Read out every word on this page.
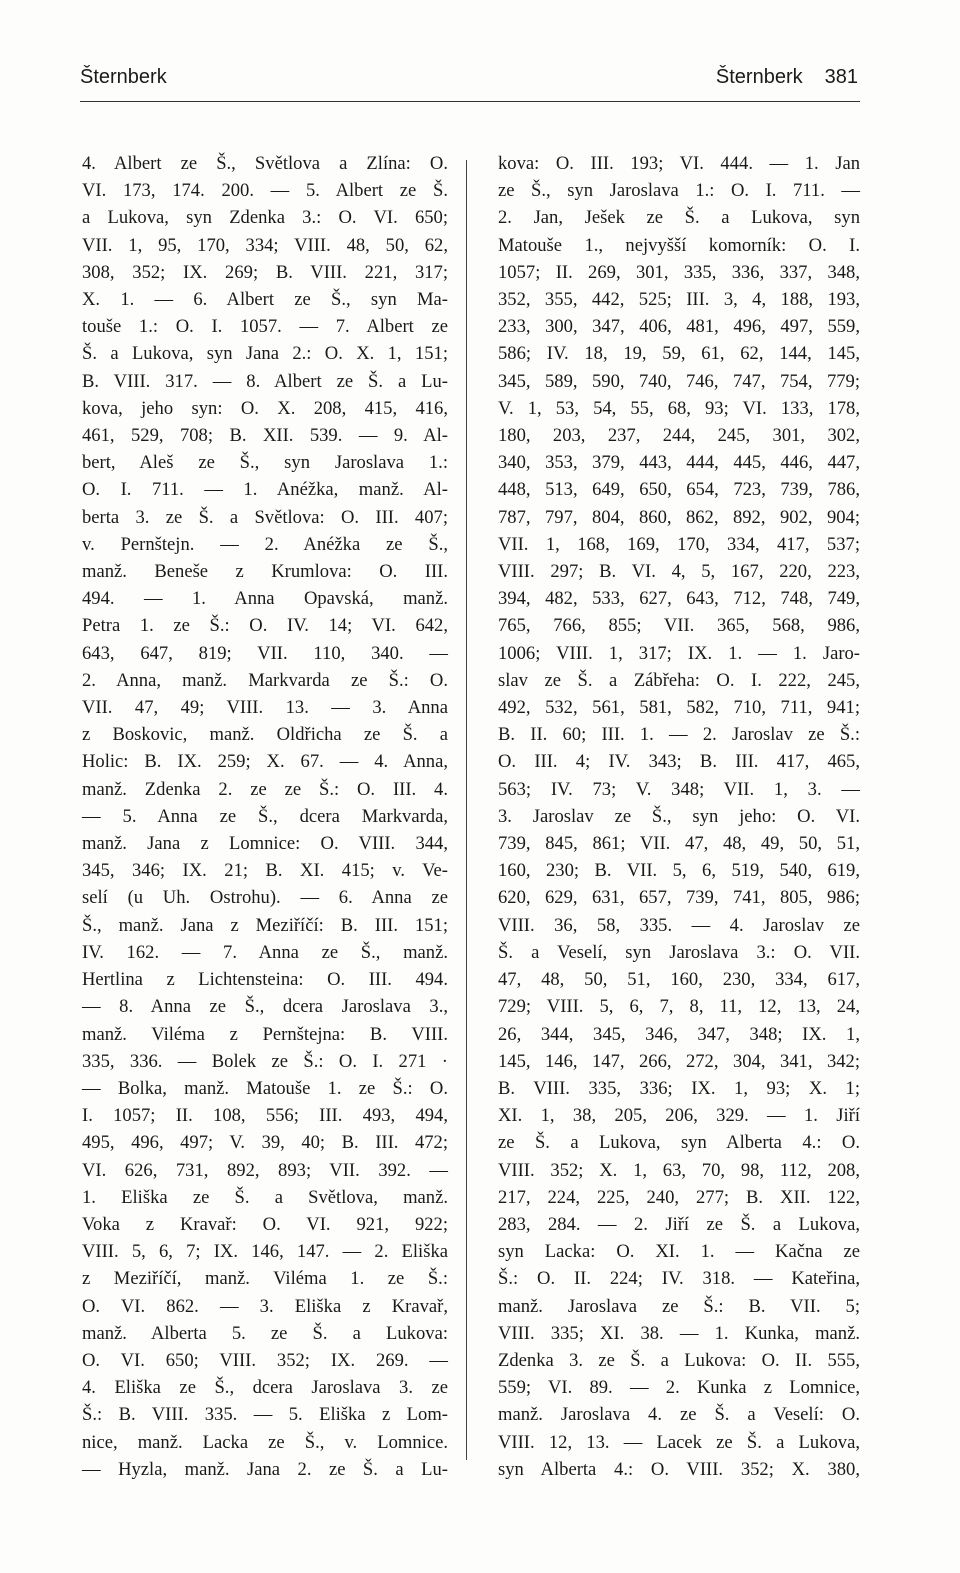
Šternberk	Šternberk 381
4. Albert ze Š., Světlova a Zlína: O.
VI. 173, 174. 200. — 5. Albert ze Š.
a Lukova, syn Zdenka 3.: O. VI. 650;
VII. 1, 95, 170, 334; VIII. 48, 50, 62,
308, 352; IX. 269; B. VIII. 221, 317;
X. 1. — 6. Albert ze Š., syn Ma-
touše 1.: O. I. 1057. — 7. Albert ze
Š. a Lukova, syn Jana 2.: O. X. 1, 151;
B. VIII. 317. — 8. Albert ze Š. a Lu-
kova, jeho syn: O. X. 208, 415, 416,
461, 529, 708; B. XII. 539. — 9. Al-
bert, Aleš ze Š., syn Jaroslava 1.:
O. I. 711. — 1. Anéžka, manž. Al-
berta 3. ze Š. a Světlova: O. III. 407;
v. Pernštejn. — 2. Anéžka ze Š.,
manž. Beneše z Krumlova: O. III.
494. — 1. Anna Opavská, manž.
Petra 1. ze Š.: O. IV. 14; VI. 642,
643, 647, 819; VII. 110, 340. —
2. Anna, manž. Markvarda ze Š.: O.
VII. 47, 49; VIII. 13. — 3. Anna
z Boskovic, manž. Oldřicha ze Š. a
Holic: B. IX. 259; X. 67. — 4. Anna,
manž. Zdenka 2. ze ze Š.: O. III. 4.
— 5. Anna ze Š., dcera Markvarda,
manž. Jana z Lomnice: O. VIII. 344,
345, 346; IX. 21; B. XI. 415; v. Ve-
selí (u Uh. Ostrohu). — 6. Anna ze
Š., manž. Jana z Meziříčí: B. III. 151;
IV. 162. — 7. Anna ze Š., manž.
Hertlina z Lichtensteina: O. III. 494.
— 8. Anna ze Š., dcera Jaroslava 3.,
manž. Viléma z Pernštejna: B. VIII.
335, 336. — Bolek ze Š.: O. I. 271 ·
— Bolka, manž. Matouše 1. ze Š.: O.
I. 1057; II. 108, 556; III. 493, 494,
495, 496, 497; V. 39, 40; B. III. 472;
VI. 626, 731, 892, 893; VII. 392. —
1. Eliška ze Š. a Světlova, manž.
Voka z Kravař: O. VI. 921, 922;
VIII. 5, 6, 7; IX. 146, 147. — 2. Eliška
z Meziříčí, manž. Viléma 1. ze Š.:
O. VI. 862. — 3. Eliška z Kravař,
manž. Alberta 5. ze Š. a Lukova:
O. VI. 650; VIII. 352; IX. 269. —
4. Eliška ze Š., dcera Jaroslava 3. ze
Š.: B. VIII. 335. — 5. Eliška z Lom-
nice, manž. Lacka ze Š., v. Lomnice.
— Hyzla, manž. Jana 2. ze Š. a Lu-
kova: O. III. 193; VI. 444. — 1. Jan
ze Š., syn Jaroslava 1.: O. I. 711. —
2. Jan, Ješek ze Š. a Lukova, syn
Matouše 1., nejvyšší komorník: O. I.
1057; II. 269, 301, 335, 336, 337, 348,
352, 355, 442, 525; III. 3, 4, 188, 193,
233, 300, 347, 406, 481, 496, 497, 559,
586; IV. 18, 19, 59, 61, 62, 144, 145,
345, 589, 590, 740, 746, 747, 754, 779;
V. 1, 53, 54, 55, 68, 93; VI. 133, 178,
180, 203, 237, 244, 245, 301, 302,
340, 353, 379, 443, 444, 445, 446, 447,
448, 513, 649, 650, 654, 723, 739, 786,
787, 797, 804, 860, 862, 892, 902, 904;
VII. 1, 168, 169, 170, 334, 417, 537;
VIII. 297; B. VI. 4, 5, 167, 220, 223,
394, 482, 533, 627, 643, 712, 748, 749,
765, 766, 855; VII. 365, 568, 986,
1006; VIII. 1, 317; IX. 1. — 1. Jaro-
slav ze Š. a Zábřeha: O. I. 222, 245,
492, 532, 561, 581, 582, 710, 711, 941;
B. II. 60; III. 1. — 2. Jaroslav ze Š.:
O. III. 4; IV. 343; B. III. 417, 465,
563; IV. 73; V. 348; VII. 1, 3. —
3. Jaroslav ze Š., syn jeho: O. VI.
739, 845, 861; VII. 47, 48, 49, 50, 51,
160, 230; B. VII. 5, 6, 519, 540, 619,
620, 629, 631, 657, 739, 741, 805, 986;
VIII. 36, 58, 335. — 4. Jaroslav ze
Š. a Veselí, syn Jaroslava 3.: O. VII.
47, 48, 50, 51, 160, 230, 334, 617,
729; VIII. 5, 6, 7, 8, 11, 12, 13, 24,
26, 344, 345, 346, 347, 348; IX. 1,
145, 146, 147, 266, 272, 304, 341, 342;
B. VIII. 335, 336; IX. 1, 93; X. 1;
XI. 1, 38, 205, 206, 329. — 1. Jiří
ze Š. a Lukova, syn Alberta 4.: O.
VIII. 352; X. 1, 63, 70, 98, 112, 208,
217, 224, 225, 240, 277; B. XII. 122,
283, 284. — 2. Jiří ze Š. a Lukova,
syn Lacka: O. XI. 1. — Kačna ze
Š.: O. II. 224; IV. 318. — Kateřina,
manž. Jaroslava ze Š.: B. VII. 5;
VIII. 335; XI. 38. — 1. Kunka, manž.
Zdenka 3. ze Š. a Lukova: O. II. 555,
559; VI. 89. — 2. Kunka z Lomnice,
manž. Jaroslava 4. ze Š. a Veselí: O.
VIII. 12, 13. — Lacek ze Š. a Lukova,
syn Alberta 4.: O. VIII. 352; X. 380,
